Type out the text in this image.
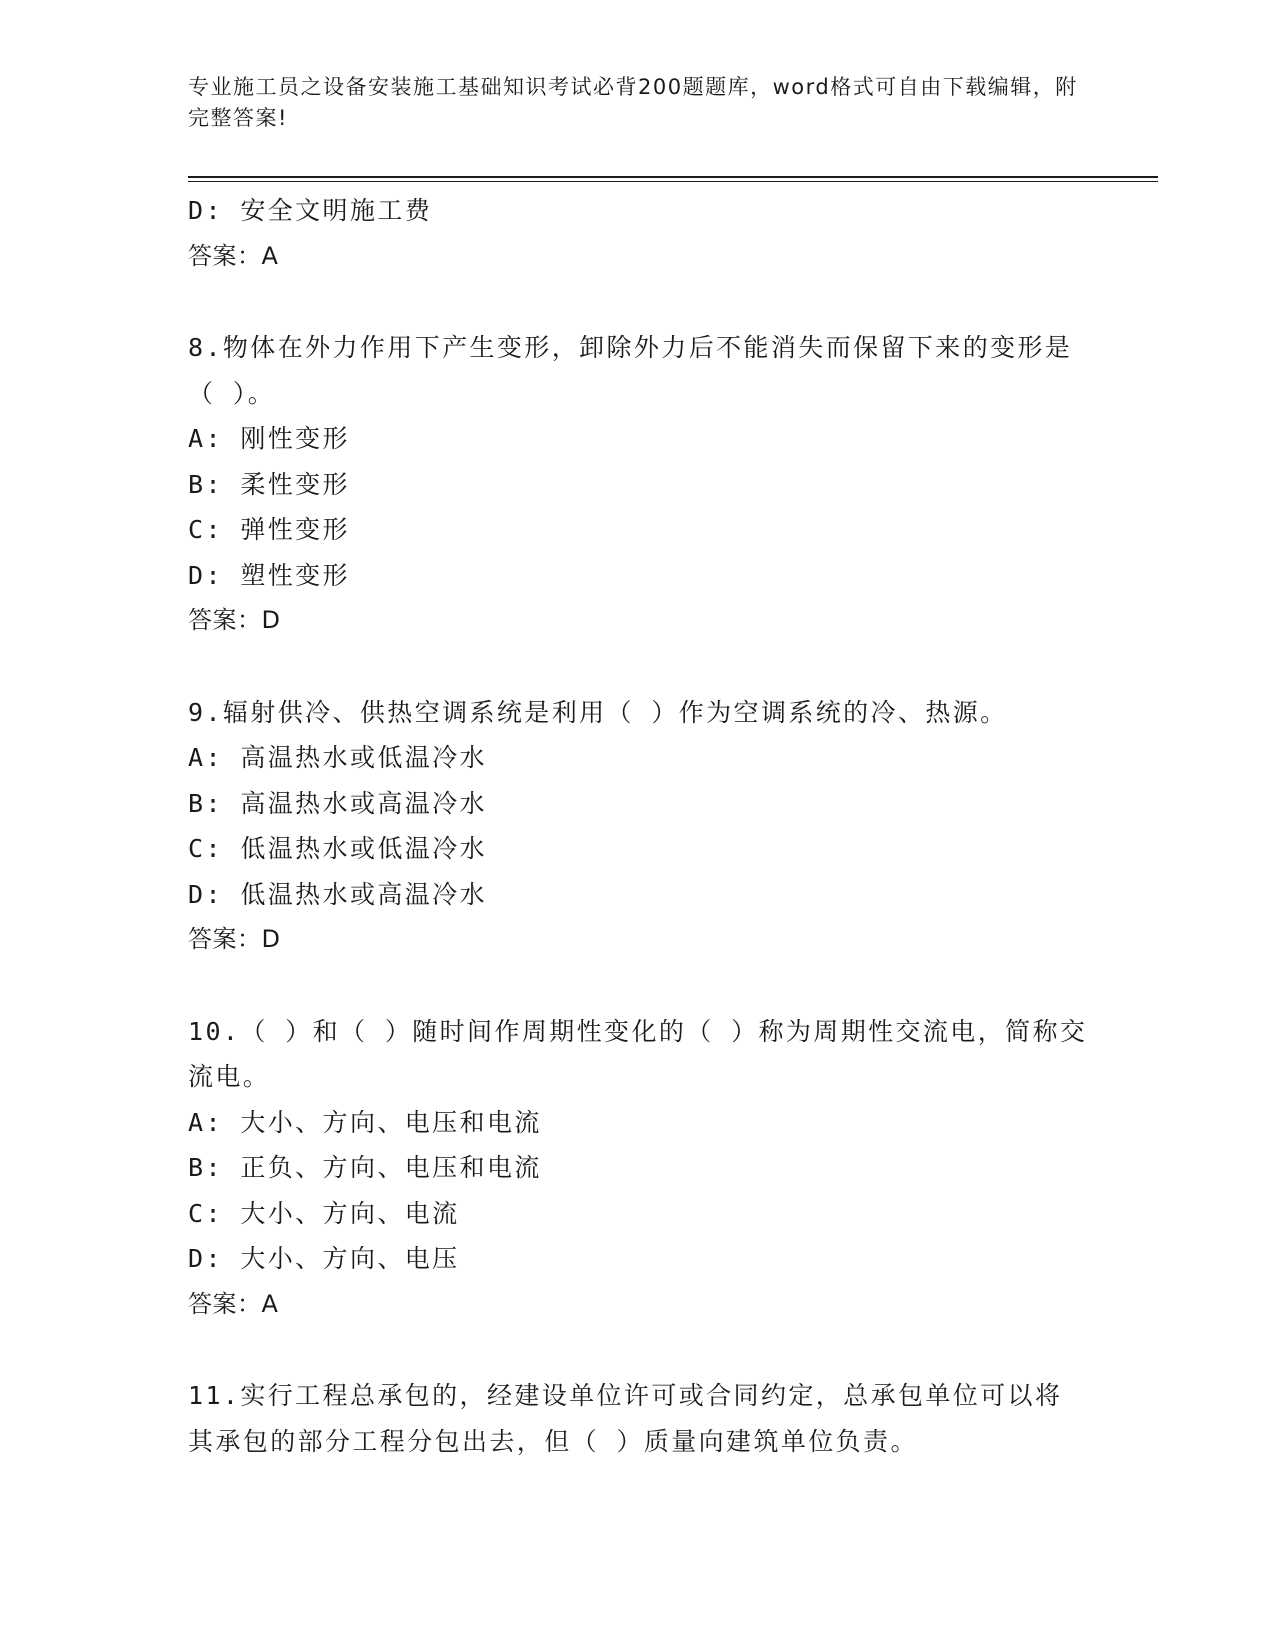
专业施工员之设备安装施工基础知识考试必背200题题库，word格式可自由下载编辑，附完整答案!

D: 安全文明施工费

答案：A

8.物体在外力作用下产生变形，卸除外力后不能消失而保留下来的变形是（ ）。

A: 刚性变形

B: 柔性变形

C: 弹性变形

D: 塑性变形

答案：D

9.辐射供冷、供热空调系统是利用（ ）作为空调系统的冷、热源。

A: 高温热水或低温冷水

B: 高温热水或高温冷水

C: 低温热水或低温冷水

D: 低温热水或高温冷水

答案：D

10.（ ）和（ ）随时间作周期性变化的（ ）称为周期性交流电，简称交流电。

A: 大小、方向、电压和电流

B: 正负、方向、电压和电流

C: 大小、方向、电流

D: 大小、方向、电压

答案：A

11.实行工程总承包的，经建设单位许可或合同约定，总承包单位可以将其承包的部分工程分包出去，但（ ）质量向建筑单位负责。
